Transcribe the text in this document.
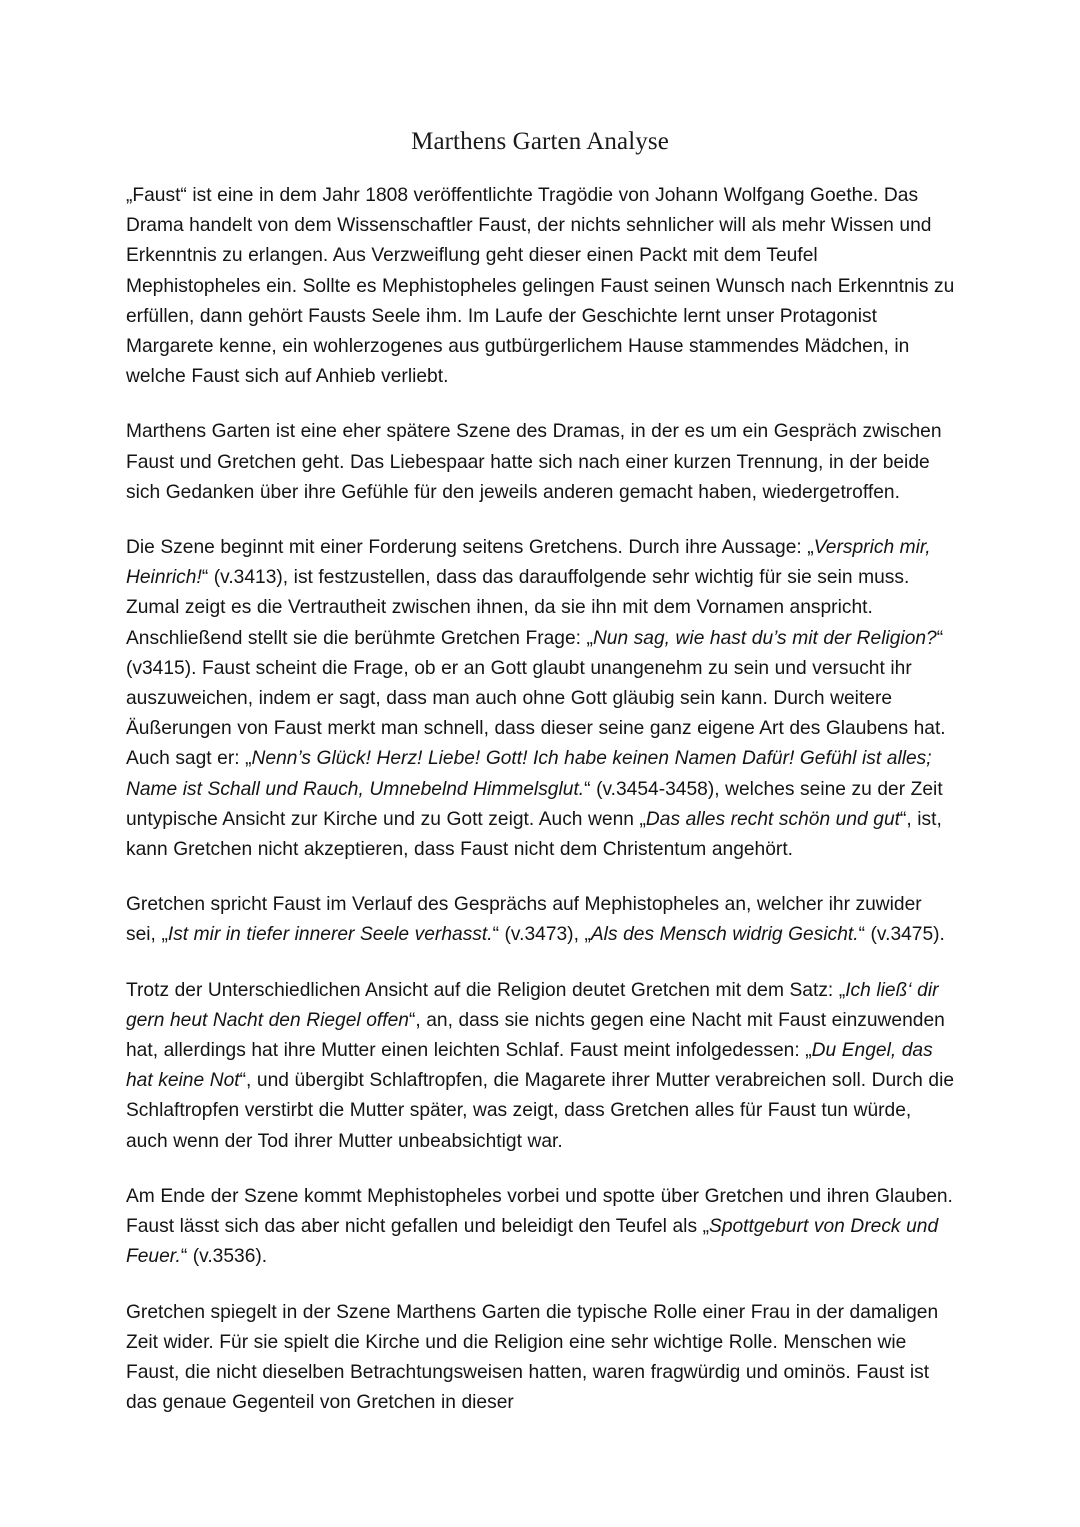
Marthens Garten Analyse

„Faust“ ist eine in dem Jahr 1808 veröffentlichte Tragödie von Johann Wolfgang Goethe. Das Drama handelt von dem Wissenschaftler Faust, der nichts sehnlicher will als mehr Wissen und Erkenntnis zu erlangen. Aus Verzweiflung geht dieser einen Packt mit dem Teufel Mephistopheles ein. Sollte es Mephistopheles gelingen Faust seinen Wunsch nach Erkenntnis zu erfüllen, dann gehört Fausts Seele ihm. Im Laufe der Geschichte lernt unser Protagonist Margarete kenne, ein wohlerzogenes aus gutbürgerlichem Hause stammendes Mädchen, in welche Faust sich auf Anhieb verliebt.

Marthens Garten ist eine eher spätere Szene des Dramas, in der es um ein Gespräch zwischen Faust und Gretchen geht. Das Liebespaar hatte sich nach einer kurzen Trennung, in der beide sich Gedanken über ihre Gefühle für den jeweils anderen gemacht haben, wiedergetroffen.

Die Szene beginnt mit einer Forderung seitens Gretchens. Durch ihre Aussage: „Versprich mir, Heinrich!“ (v.3413), ist festzustellen, dass das darauffolgende sehr wichtig für sie sein muss. Zumal zeigt es die Vertrautheit zwischen ihnen, da sie ihn mit dem Vornamen anspricht. Anschließend stellt sie die berühmte Gretchen Frage: „Nun sag, wie hast du’s mit der Religion?“ (v3415). Faust scheint die Frage, ob er an Gott glaubt unangenehm zu sein und versucht ihr auszuweichen, indem er sagt, dass man auch ohne Gott gläubig sein kann. Durch weitere Äußerungen von Faust merkt man schnell, dass dieser seine ganz eigene Art des Glaubens hat. Auch sagt er: „Nenn’s Glück! Herz! Liebe! Gott! Ich habe keinen Namen Dafür! Gefühl ist alles; Name ist Schall und Rauch, Umnebelnd Himmelsglut.“ (v.3454-3458), welches seine zu der Zeit untypische Ansicht zur Kirche und zu Gott zeigt. Auch wenn „Das alles recht schön und gut“, ist, kann Gretchen nicht akzeptieren, dass Faust nicht dem Christentum angehört.

Gretchen spricht Faust im Verlauf des Gesprächs auf Mephistopheles an, welcher ihr zuwider sei, „Ist mir in tiefer innerer Seele verhasst.“ (v.3473), „Als des Mensch widrig Gesicht.“ (v.3475).

Trotz der Unterschiedlichen Ansicht auf die Religion deutet Gretchen mit dem Satz: „Ich ließ‘ dir gern heut Nacht den Riegel offen“, an, dass sie nichts gegen eine Nacht mit Faust einzuwenden hat, allerdings hat ihre Mutter einen leichten Schlaf. Faust meint infolgedessen: „Du Engel, das hat keine Not“, und übergibt Schlaftropfen, die Magarete ihrer Mutter verabreichen soll. Durch die Schlaftropfen verstirbt die Mutter später, was zeigt, dass Gretchen alles für Faust tun würde, auch wenn der Tod ihrer Mutter unbeabsichtigt war.

Am Ende der Szene kommt Mephistopheles vorbei und spotte über Gretchen und ihren Glauben. Faust lässt sich das aber nicht gefallen und beleidigt den Teufel als „Spottgeburt von Dreck und Feuer.“ (v.3536).

Gretchen spiegelt in der Szene Marthens Garten die typische Rolle einer Frau in der damaligen Zeit wider. Für sie spielt die Kirche und die Religion eine sehr wichtige Rolle. Menschen wie Faust, die nicht dieselben Betrachtungsweisen hatten, waren fragwürdig und ominös. Faust ist das genaue Gegenteil von Gretchen in dieser
